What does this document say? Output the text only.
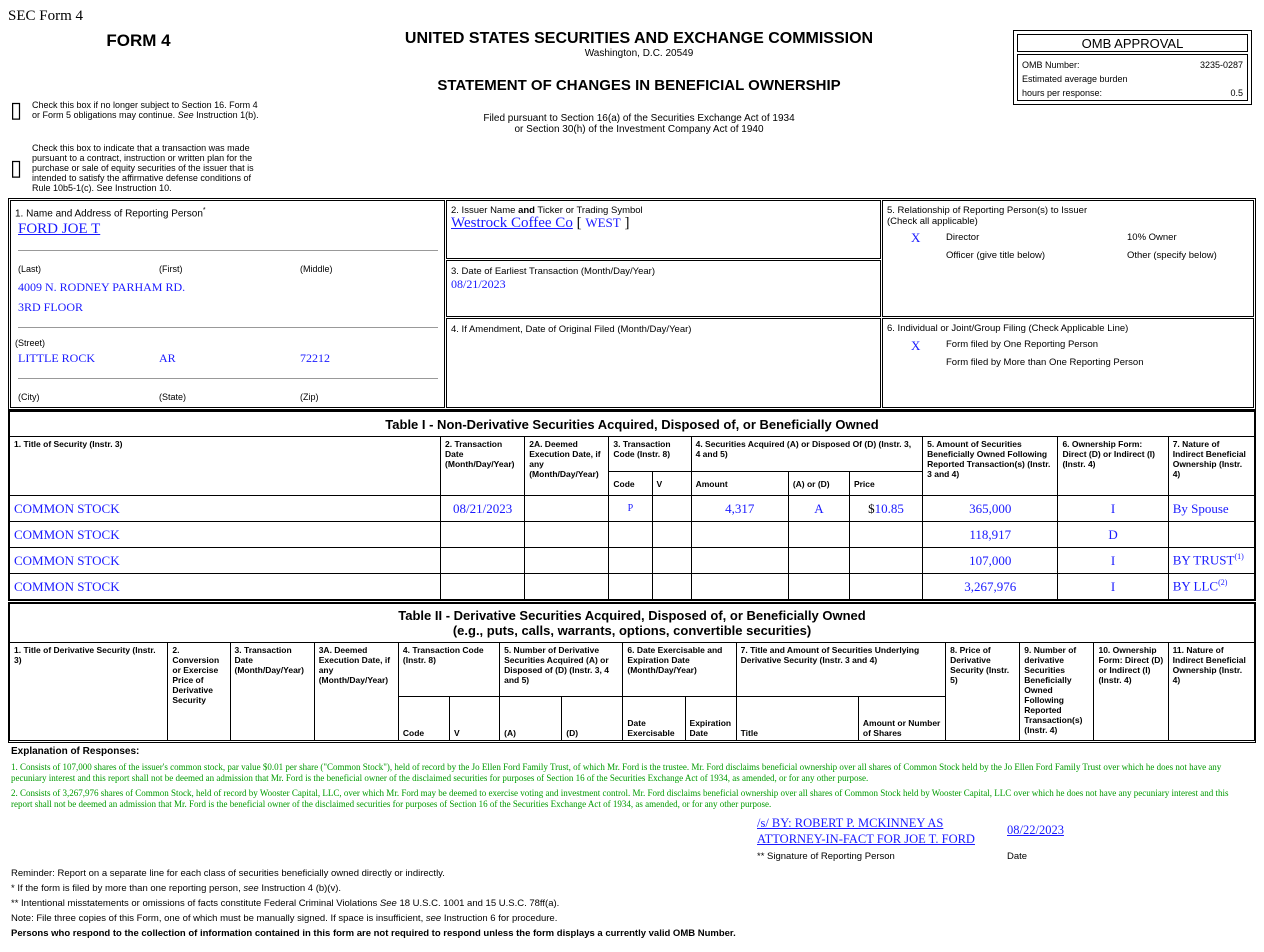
SEC Form 4
FORM 4	UNITED STATES SECURITIES AND EXCHANGE COMMISSION
Washington, D.C. 20549
STATEMENT OF CHANGES IN BENEFICIAL OWNERSHIP
Filed pursuant to Section 16(a) of the Securities Exchange Act of 1934
or Section 30(h) of the Investment Company Act of 1940
▯ Check this box if no longer subject to Section 16. Form 4
or Form 5 obligations may continue. See Instruction 1(b).
▯
Check this box to indicate that a transaction was made
pursuant to a contract, instruction or written plan for the
purchase or sale of equity securities of the issuer that is
intended to satisfy the affirmative defense conditions of
Rule 10b5-1(c). See Instruction 10.
OMB APPROVAL
OMB Number:	3235-0287
Estimated average burden
hours per response:	0.5
1. Name and Address of Reporting Person*
FORD JOE T
(Last)	(First)	(Middle)
4009 N. RODNEY PARHAM RD.
3RD FLOOR
(Street)
LITTLE ROCK	AR	72212
(City)	(State)	(Zip)
2. Issuer Name and Ticker or Trading Symbol
Westrock Coffee Co [ WEST ]
3. Date of Earliest Transaction (Month/Day/Year)
08/21/2023
4. If Amendment, Date of Original Filed (Month/Day/Year)
5. Relationship of Reporting Person(s) to Issuer
(Check all applicable)
X	Director	10% Owner
Officer (give title below)	Other (specify below)
6. Individual or Joint/Group Filing (Check Applicable Line)
X	Form filed by One Reporting Person
Form filed by More than One Reporting Person
Table I - Non-Derivative Securities Acquired, Disposed of, or Beneficially Owned										
1. Title of Security (Instr. 3)	2. Transaction Date (Month/Day/Year)	2A. Deemed Execution Date, if any (Month/Day/Year)	3. Transaction Code (Instr. 8)		4. Securities Acquired (A) or Disposed Of (D) (Instr. 3, 4 and 5)			5. Amount of Securities Beneficially Owned Following Reported Transaction(s) (Instr. 3 and 4)	6. Ownership Form: Direct (D) or Indirect (I) (Instr. 4)	7. Nature of Indirect Beneficial Ownership (Instr. 4)
			Code	V	Amount	(A) or (D)	Price			
COMMON STOCK	08/21/2023		P		4,317	A	$10.85	365,000	I	By Spouse
COMMON STOCK								118,917	D	
COMMON STOCK								107,000	I	BY TRUST$^{(1)}$
COMMON STOCK								3,267,976	I	BY LLC$^{(2)}$
Table II - Derivative Securities Acquired, Disposed of, or Beneficially Owned
(e.g., puts, calls, warrants, options, convertible securities)															

1. Title of Derivative Security (Instr. 3)	2. Conversion or Exercise Price of Derivative Security	3. Transaction Date (Month/Day/Year)	3A. Deemed Execution Date, if any (Month/Day/Year)	4. Transaction Code (Instr. 8)		5. Number of Derivative Securities Acquired (A) or Disposed of (D) (Instr. 3, 4 and 5)		6. Date Exercisable and Expiration Date (Month/Day/Year)		7. Title and Amount of Securities Underlying Derivative Security (Instr. 3 and 4)		8. Price of Derivative Security (Instr. 5)	9. Number of derivative Securities Beneficially Owned Following Reported Transaction(s) (Instr. 4)	10. Ownership Form: Direct (D) or Indirect (I) (Instr. 4)	11. Nature of Indirect Beneficial Ownership (Instr. 4)
				Code	V	(A)	(D)	Date Exercisable	Expiration Date	Title	Amount or Number of Shares				
Explanation of Responses:
1. Consists of 107,000 shares of the issuer's common stock, par value $0.01 per share ("Common Stock"), held of record by the Jo Ellen Ford Family Trust, of which Mr. Ford is the trustee. Mr. Ford disclaims beneficial ownership over all shares of Common Stock held by the Jo Ellen Ford Family Trust over which he does not have any pecuniary interest and this report shall not be deemed an admission that Mr. Ford is the beneficial owner of the disclaimed securities for purposes of Section 16 of the Securities Exchange Act of 1934, as amended, or for any other purpose.
2. Consists of 3,267,976 shares of Common Stock, held of record by Wooster Capital, LLC, over which Mr. Ford may be deemed to exercise voting and investment control. Mr. Ford disclaims beneficial ownership over all shares of Common Stock held by Wooster Capital, LLC over which he does not have any pecuniary interest and this report shall not be deemed an admission that Mr. Ford is the beneficial owner of the disclaimed securities for purposes of Section 16 of the Securities Exchange Act of 1934, as amended, or for any other purpose.
/s/ BY: ROBERT P. MCKINNEY AS
ATTORNEY-IN-FACT FOR JOE T. FORD
08/22/2023
** Signature of Reporting Person	Date
Reminder: Report on a separate line for each class of securities beneficially owned directly or indirectly.
* If the form is filed by more than one reporting person, see Instruction 4 (b)(v).
** Intentional misstatements or omissions of facts constitute Federal Criminal Violations See 18 U.S.C. 1001 and 15 U.S.C. 78ff(a).
Note: File three copies of this Form, one of which must be manually signed. If space is insufficient, see Instruction 6 for procedure.
Persons who respond to the collection of information contained in this form are not required to respond unless the form displays a currently valid OMB Number.
